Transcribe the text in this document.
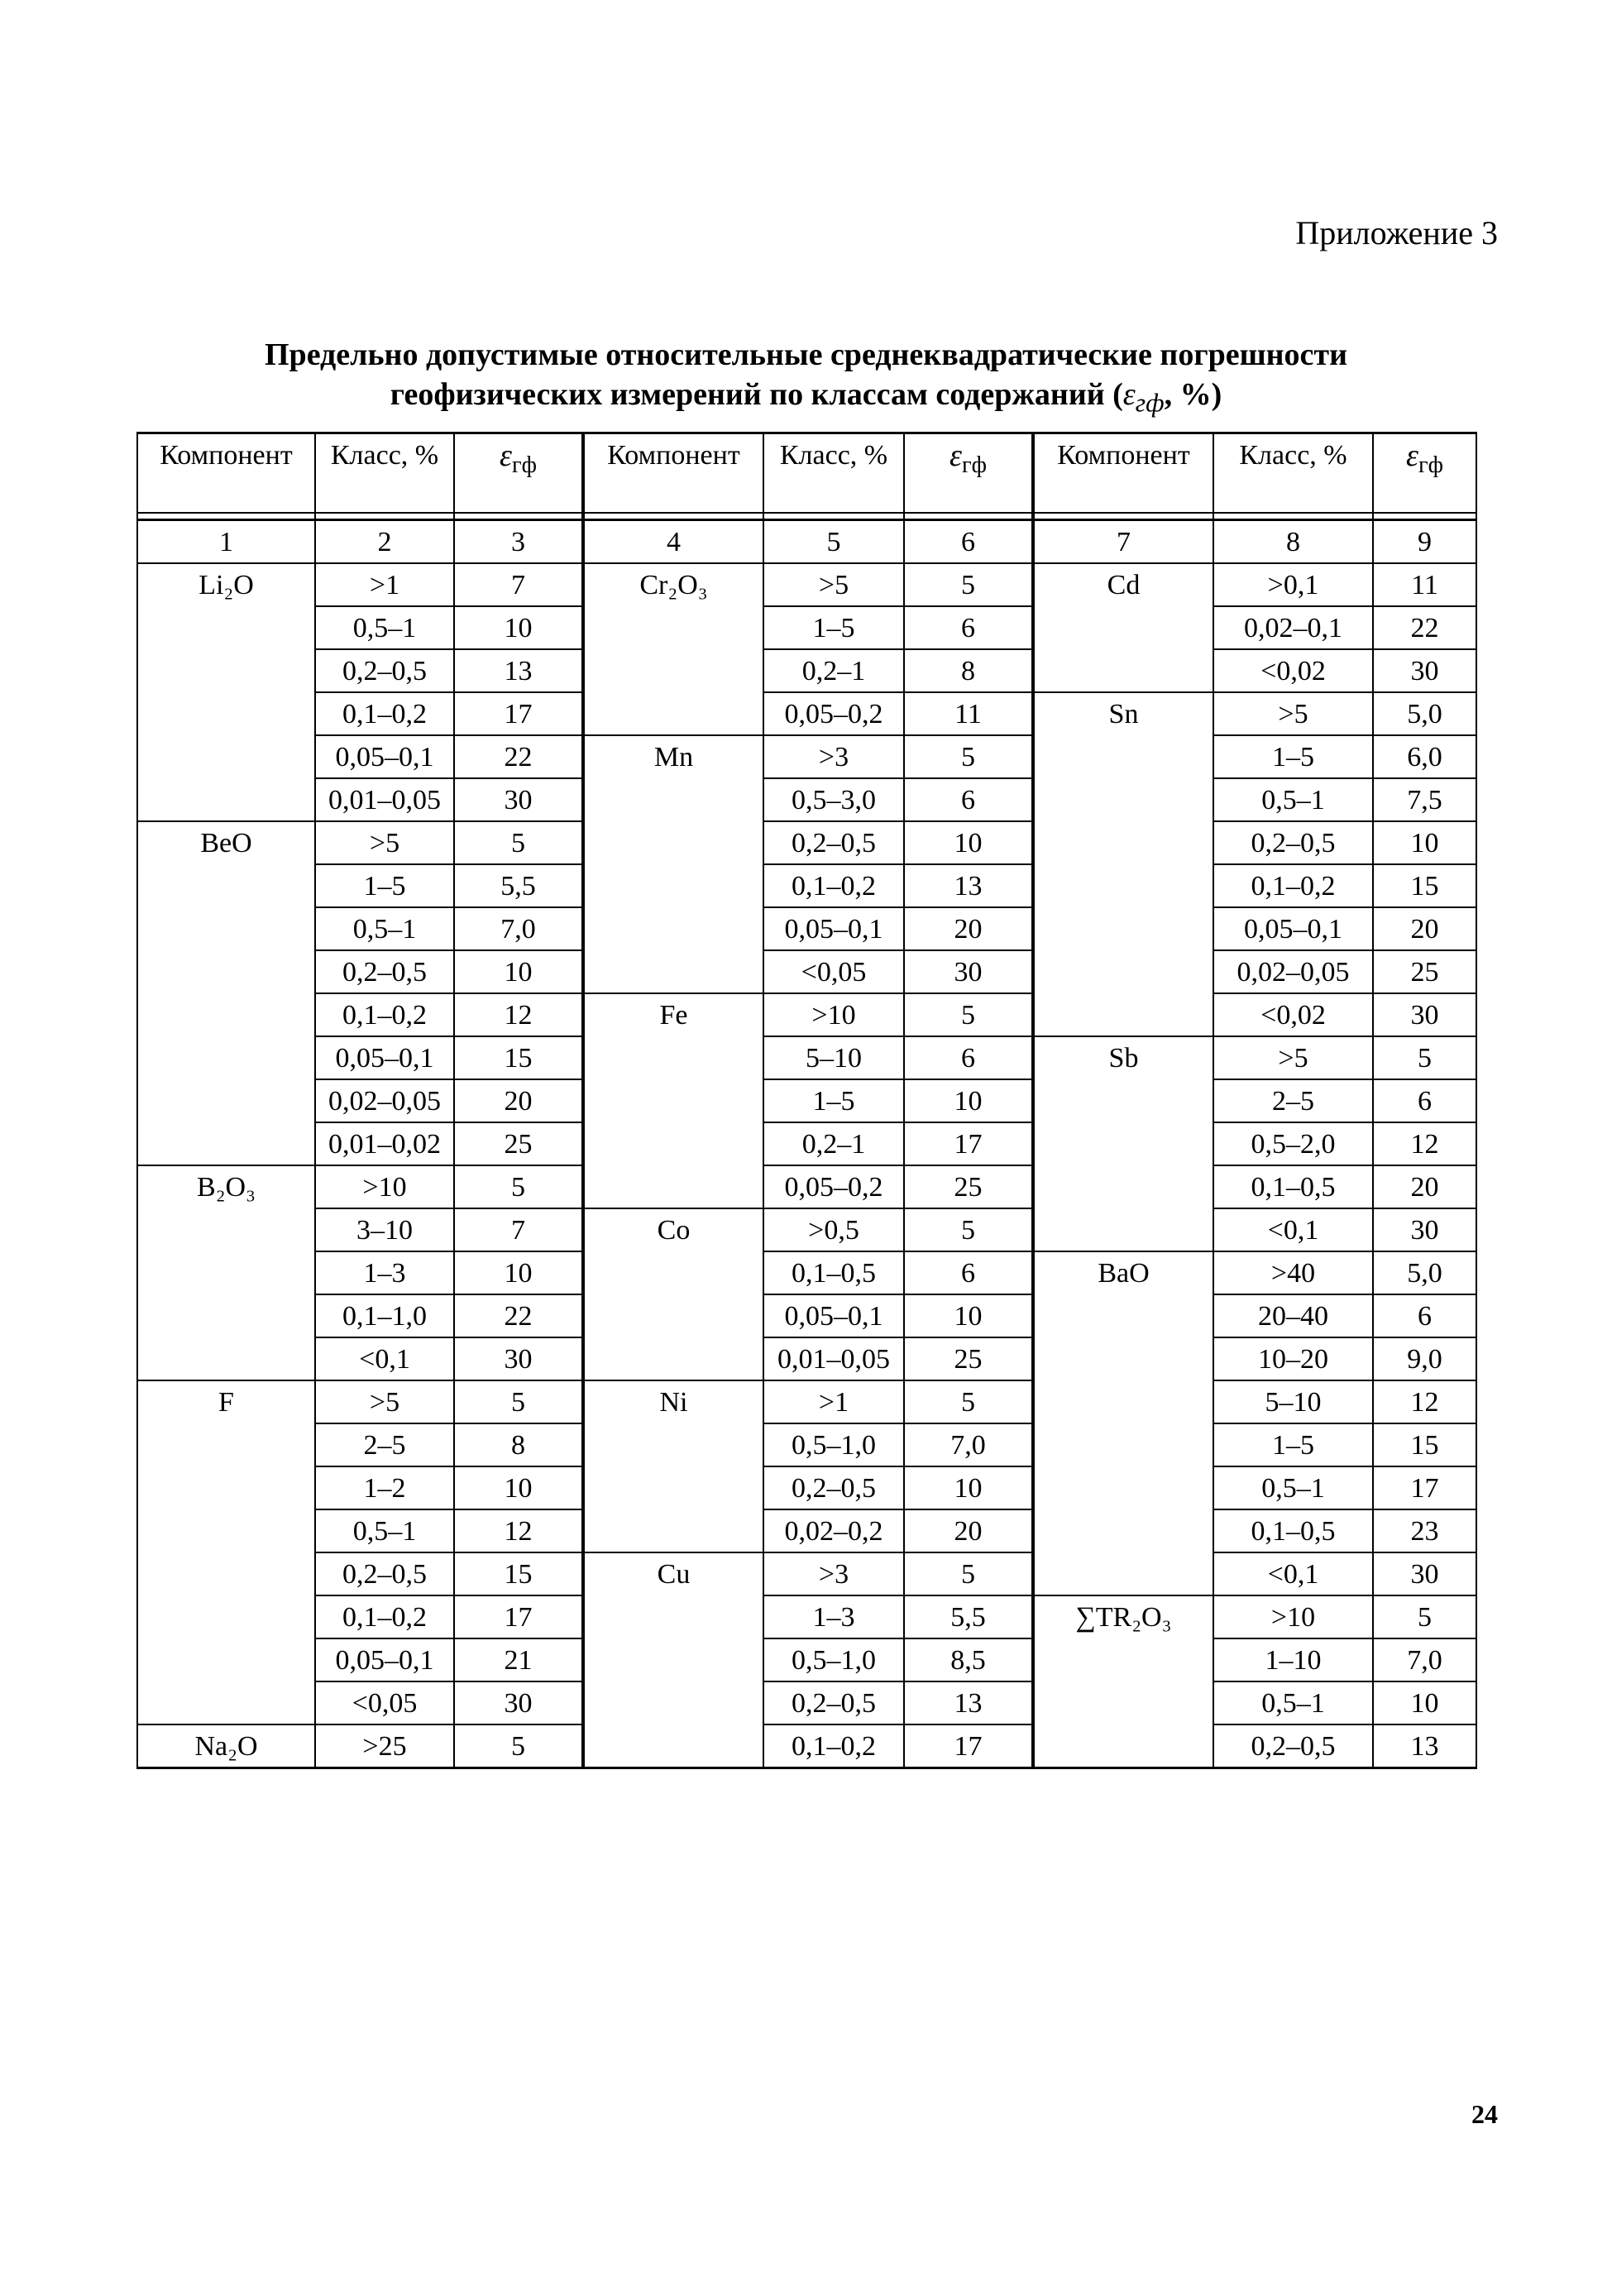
Приложение 3
Предельно допустимые относительные среднеквадратические погрешности
геофизических измерений по классам содержаний ($\varepsilon_{гф}$, %)
Компонент	Класс, %	$\varepsilon_{гф}$	Компонент	Класс, %	$\varepsilon_{гф}$	Компонент	Класс, %	$\varepsilon_{гф}$

1	2	3	4	5	6	7	8	9
Li₂O	>1	7	Cr₂O₃	>5	5	Cd	>0,1	11
	0,5–1	10		1–5	6		0,02–0,1	22
	0,2–0,5	13		0,2–1	8		<0,02	30
	0,1–0,2	17		0,05–0,2	11	Sn	>5	5,0
	0,05–0,1	22	Mn	>3	5		1–5	6,0
	0,01–0,05	30		0,5–3,0	6		0,5–1	7,5
BeO	>5	5		0,2–0,5	10		0,2–0,5	10
	1–5	5,5		0,1–0,2	13		0,1–0,2	15
	0,5–1	7,0		0,05–0,1	20		0,05–0,1	20
	0,2–0,5	10		<0,05	30		0,02–0,05	25
	0,1–0,2	12	Fe	>10	5		<0,02	30
	0,05–0,1	15		5–10	6	Sb	>5	5
	0,02–0,05	20		1–5	10		2–5	6
	0,01–0,02	25		0,2–1	17		0,5–2,0	12
B₂O₃	>10	5		0,05–0,2	25		0,1–0,5	20
	3–10	7	Co	>0,5	5		<0,1	30
	1–3	10		0,1–0,5	6	BaO	>40	5,0
	0,1–1,0	22		0,05–0,1	10		20–40	6
	<0,1	30		0,01–0,05	25		10–20	9,0
F	>5	5	Ni	>1	5		5–10	12
	2–5	8		0,5–1,0	7,0		1–5	15
	1–2	10		0,2–0,5	10		0,5–1	17
	0,5–1	12		0,02–0,2	20		0,1–0,5	23
	0,2–0,5	15	Cu	>3	5		<0,1	30
	0,1–0,2	17		1–3	5,5	∑TR₂O₃	>10	5
	0,05–0,1	21		0,5–1,0	8,5		1–10	7,0
	<0,05	30		0,2–0,5	13		0,5–1	10
Na₂O	>25	5		0,1–0,2	17		0,2–0,5	13
24
